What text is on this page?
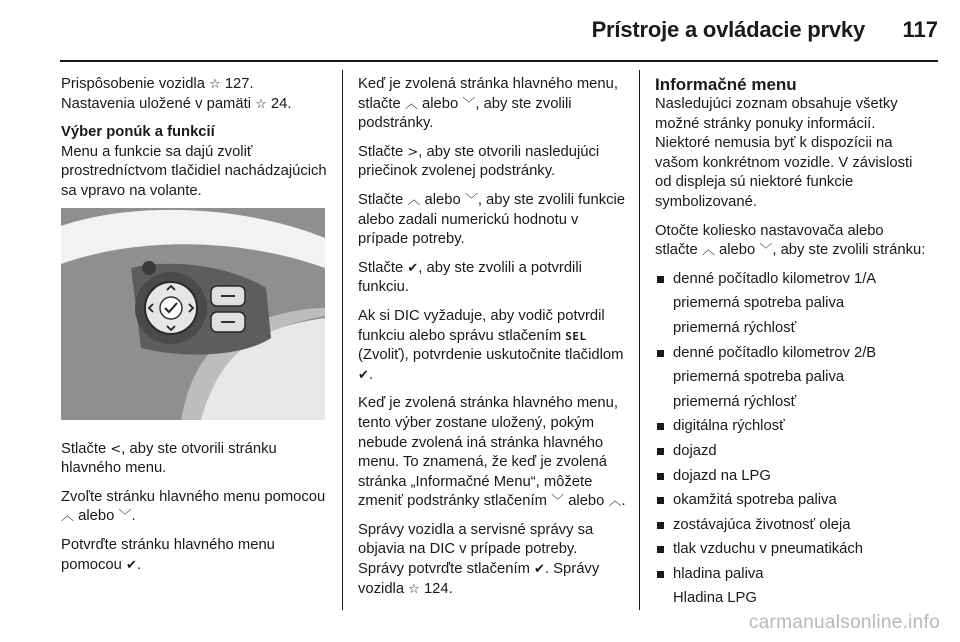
Prístroje a ovládacie prvky 117

Prispôsobenie vozidla ☆ 127.
Nastavenia uložené v pamäti ☆ 24.

Výber ponúk a funkcií
Menu a funkcie sa dajú zvoliť prostredníctvom tlačidiel nachádzajúcich sa vpravo na volante.

Stlačte <, aby ste otvorili stránku hlavného menu.

Zvoľte stránku hlavného menu pomocou ︿ alebo ﹀.

Potvrďte stránku hlavného menu pomocou ✔.

Keď je zvolená stránka hlavného menu, stlačte ︿ alebo ﹀, aby ste zvolili podstránky.

Stlačte >, aby ste otvorili nasledujúci priečinok zvolenej podstránky.

Stlačte ︿ alebo ﹀, aby ste zvolili funkcie alebo zadali numerickú hodnotu v prípade potreby.

Stlačte ✔, aby ste zvolili a potvrdili funkciu.

Ak si DIC vyžaduje, aby vodič potvrdil funkciu alebo správu stlačením SEL (Zvoliť), potvrdenie uskutočnite tlačidlom ✔.

Keď je zvolená stránka hlavného menu, tento výber zostane uložený, pokým nebude zvolená iná stránka hlavného menu. To znamená, že keď je zvolená stránka „Informačné Menu“, môžete zmeniť podstránky stlačením ﹀ alebo ︿.

Správy vozidla a servisné správy sa objavia na DIC v prípade potreby. Správy potvrďte stlačením ✔. Správy vozidla ☆ 124.

Informačné menu

Nasledujúci zoznam obsahuje všetky možné stránky ponuky informácií. Niektoré nemusia byť k dispozícii na vašom konkrétnom vozidle. V závislosti od displeja sú niektoré funkcie symbolizované.

Otočte koliesko nastavovača alebo stlačte ︿ alebo ﹀, aby ste zvolili stránku:

denné počítadlo kilometrov 1/A
priemerná spotreba paliva
priemerná rýchlosť
denné počítadlo kilometrov 2/B
priemerná spotreba paliva
priemerná rýchlosť
digitálna rýchlosť
dojazd
dojazd na LPG
okamžitá spotreba paliva
zostávajúca životnosť oleja
tlak vzduchu v pneumatikách
hladina paliva
Hladina LPG
carmanualsonline.info
